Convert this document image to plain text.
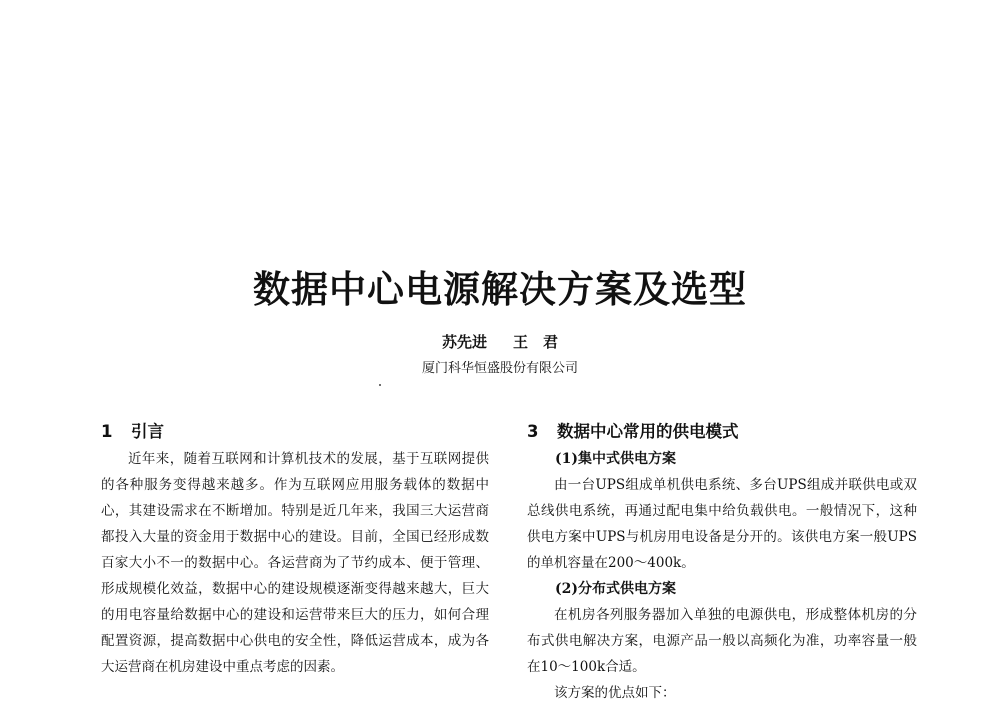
数据中心电源解决方案及选型
苏先进 王　君
厦门科华恒盛股份有限公司
1 引言

近年来，随着互联网和计算机技术的发展，基于互联网提供的各种服务变得越来越多。作为互联网应用服务载体的数据中心，其建设需求在不断增加。特别是近几年来，我国三大运营商都投入大量的资金用于数据中心的建设。目前，全国已经形成数百家大小不一的数据中心。各运营商为了节约成本、便于管理、形成规模化效益，数据中心的建设规模逐渐变得越来越大，巨大的用电容量给数据中心的建设和运营带来巨大的压力，如何合理配置资源，提高数据中心供电的安全性，降低运营成本，成为各大运营商在机房建设中重点考虑的因素。

3 数据中心常用的供电模式
(1)集中式供电方案

由一台UPS组成单机供电系统、多台UPS组成并联供电或双总线供电系统，再通过配电集中给负载供电。一般情况下，这种供电方案中UPS与机房用电设备是分开的。该供电方案一般UPS的单机容量在200～400k。

(2)分布式供电方案

在机房各列服务器加入单独的电源供电，形成整体机房的分布式供电解决方案，电源产品一般以高频化为准，功率容量一般在10～100k合适。

该方案的优点如下：
